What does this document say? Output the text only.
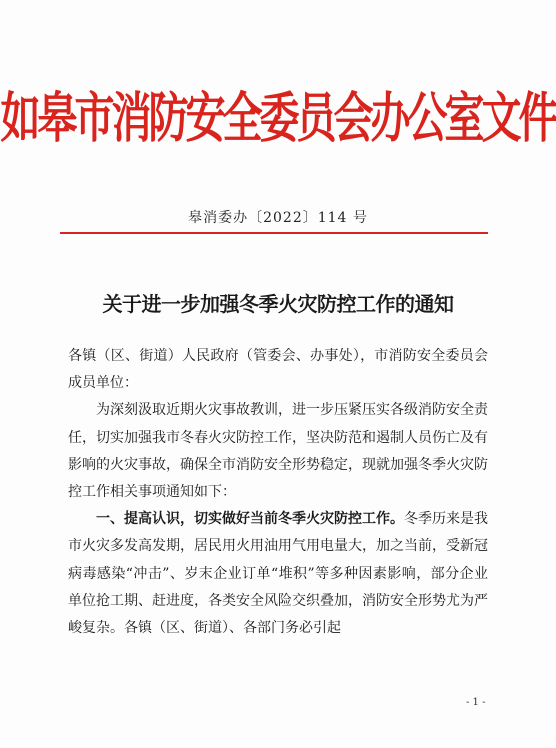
如皋市消防安全委员会办公室文件
皋消委办〔2022〕114 号
关于进一步加强冬季火灾防控工作的通知

各镇（区、街道）人民政府（管委会、办事处），市消防安全委员会成员单位：

为深刻汲取近期火灾事故教训，进一步压紧压实各级消防安全责任，切实加强我市冬春火灾防控工作，坚决防范和遏制人员伤亡及有影响的火灾事故，确保全市消防安全形势稳定，现就加强冬季火灾防控工作相关事项通知如下：

一、提高认识，切实做好当前冬季火灾防控工作。冬季历来是我市火灾多发高发期，居民用火用油用气用电量大，加之当前，受新冠病毒感染“冲击”、岁末企业订单“堆积”等多种因素影响，部分企业单位抢工期、赶进度，各类安全风险交织叠加，消防安全形势尤为严峻复杂。各镇（区、街道）、各部门务必引起

- 1 -
